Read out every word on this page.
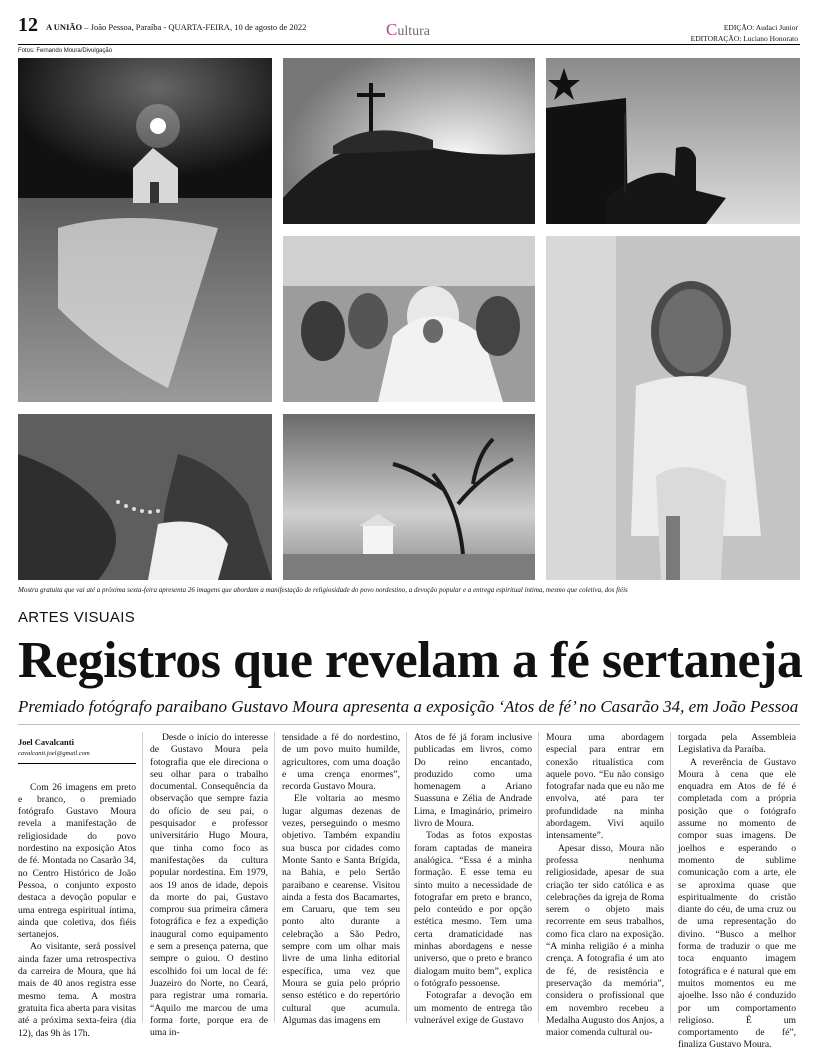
12 A UNIÃO – João Pessoa, Paraíba - QUARTA-FEIRA, 10 de agosto de 2022	Cultura	EDIÇÃO: Audaci Junior
EDITORAÇÃO: Luciano Honorato
Fotos: Fernando Moura/Divulgação
Mostra gratuita que vai até a próxima sexta-feira apresenta 26 imagens que abordam a manifestação de religiosidade do povo nordestino, a devoção popular e a entrega espiritual íntima, mesmo que coletiva, dos fiéis
ARTES VISUAIS
Registros que revelam a fé sertaneja
Premiado fotógrafo paraibano Gustavo Moura apresenta a exposição ‘Atos de fé’ no Casarão 34, em João Pessoa

Joel Cavalcanti

cavalcanti.joel@gmail.com

Com 26 imagens em preto e branco, o premiado fotógrafo Gustavo Moura revela a manifestação de religiosidade do povo nordestino na exposição Atos de fé. Montada no Casarão 34, no Centro Histórico de João Pessoa, o conjunto exposto destaca a devoção popular e uma entrega espiritual íntima, ainda que coletiva, dos fiéis sertanejos.

Ao visitante, será possível ainda fazer uma retrospectiva da carreira de Moura, que há mais de 40 anos registra esse mesmo tema. A mostra gratuita fica aberta para visitas até a próxima sexta-feira (dia 12), das 9h às 17h.

Desde o início do interesse de Gustavo Moura pela fotografia que ele direciona o seu olhar para o trabalho documental. Consequência da observação que sempre fazia do ofício de seu pai, o pesquisador e professor universitário Hugo Moura, que tinha como foco as manifestações da cultura popular nordestina. Em 1979, aos 19 anos de idade, depois da morte do pai, Gustavo comprou sua primeira câmera fotográfica e fez a expedição inaugural como equipamento e sem a presença paterna, que sempre o guiou. O destino escolhido foi um local de fé: Juazeiro do Norte, no Ceará, para registrar uma romaria. “Aquilo me marcou de uma forma forte, porque era de uma in-

tensidade a fé do nordestino, de um povo muito humilde, agricultores, com uma doação e uma crença enormes”, recorda Gustavo Moura.

Ele voltaria ao mesmo lugar algumas dezenas de vezes, perseguindo o mesmo objetivo. Também expandiu sua busca por cidades como Monte Santo e Santa Brígida, na Bahia, e pelo Sertão paraibano e cearense. Visitou ainda a festa dos Bacamartes, em Caruaru, que tem seu ponto alto durante a celebração a São Pedro, sempre com um olhar mais livre de uma linha editorial específica, uma vez que Moura se guia pelo próprio senso estético e do repertório cultural que acumula. Algumas das imagens em

Atos de fé já foram inclusive publicadas em livros, como Do reino encantado, produzido como uma homenagem a Ariano Suassuna e Zélia de Andrade Lima, e Imaginário, primeiro livro de Moura.

Todas as fotos expostas foram captadas de maneira analógica. “Essa é a minha formação. E esse tema eu sinto muito a necessidade de fotografar em preto e branco, pelo conteúdo e por opção estética mesmo. Tem uma certa dramaticidade nas minhas abordagens e nesse universo, que o preto e branco dialogam muito bem”, explica o fotógrafo pessoense.

Fotografar a devoção em um momento de entrega tão vulnerável exige de Gustavo

Moura uma abordagem especial para entrar em conexão ritualística com aquele povo. “Eu não consigo fotografar nada que eu não me envolva, até para ter profundidade na minha abordagem. Vivi aquilo intensamente”.

Apesar disso, Moura não professa nenhuma religiosidade, apesar de sua criação ter sido católica e as celebrações da igreja de Roma serem o objeto mais recorrente em seus trabalhos, como fica claro na exposição. “A minha religião é a minha crença. A fotografia é um ato de fé, de resistência e preservação da memória”, considera o profissional que em novembro recebeu a Medalha Augusto dos Anjos, a maior comenda cultural ou-

torgada pela Assembleia Legislativa da Paraíba.

A reverência de Gustavo Moura à cena que ele enquadra em Atos de fé é completada com a própria posição que o fotógrafo assume no momento de compor suas imagens. De joelhos e esperando o momento de sublime comunicação com a arte, ele se aproxima quase que espiritualmente do cristão diante do céu, de uma cruz ou de uma representação do divino. “Busco a melhor forma de traduzir o que me toca enquanto imagem fotográfica e é natural que em muitos momentos eu me ajoelhe. Isso não é conduzido por um comportamento religioso. É um comportamento de fé”, finaliza Gustavo Moura.
